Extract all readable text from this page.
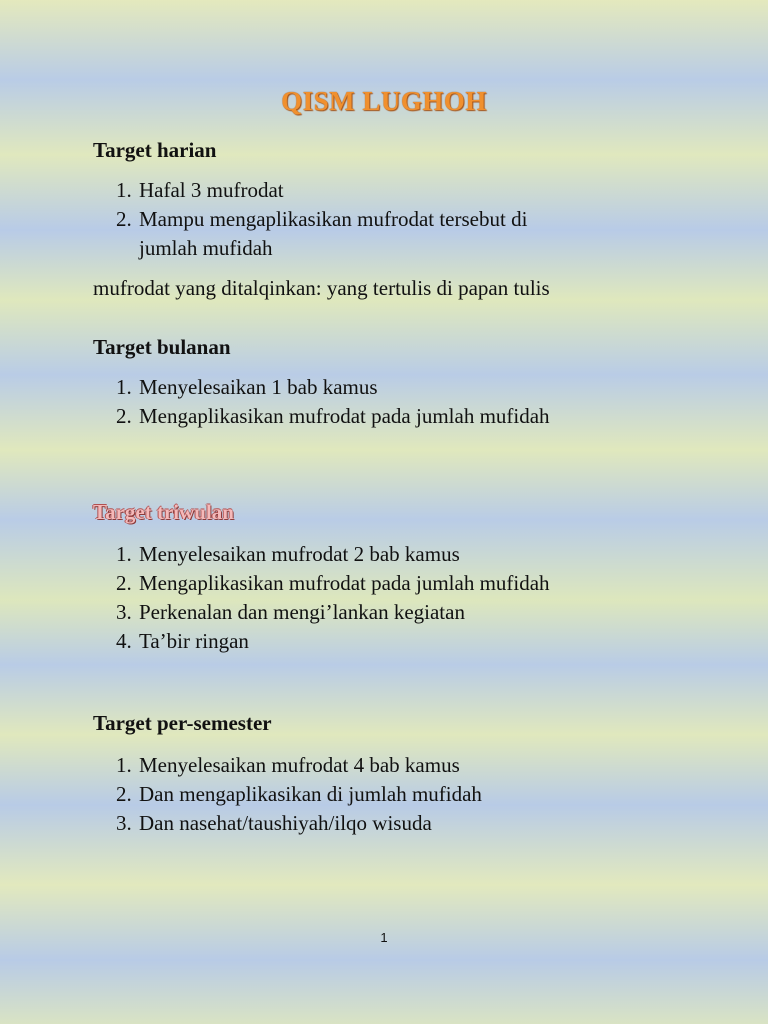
QISM LUGHOH
Target harian
1. Hafal 3 mufrodat
2. Mampu mengaplikasikan mufrodat tersebut di jumlah mufidah

mufrodat yang ditalqinkan: yang tertulis di papan tulis

Target bulanan
1. Menyelesaikan 1 bab kamus
2. Mengaplikasikan mufrodat pada jumlah mufidah
Target triwulan
1. Menyelesaikan mufrodat 2 bab kamus
2. Mengaplikasikan mufrodat pada jumlah mufidah
3. Perkenalan dan mengi’lankan kegiatan
4. Ta’bir ringan
Target per-semester
1. Menyelesaikan mufrodat 4 bab kamus
2. Dan mengaplikasikan di jumlah mufidah
3. Dan nasehat/taushiyah/ilqo wisuda

1
